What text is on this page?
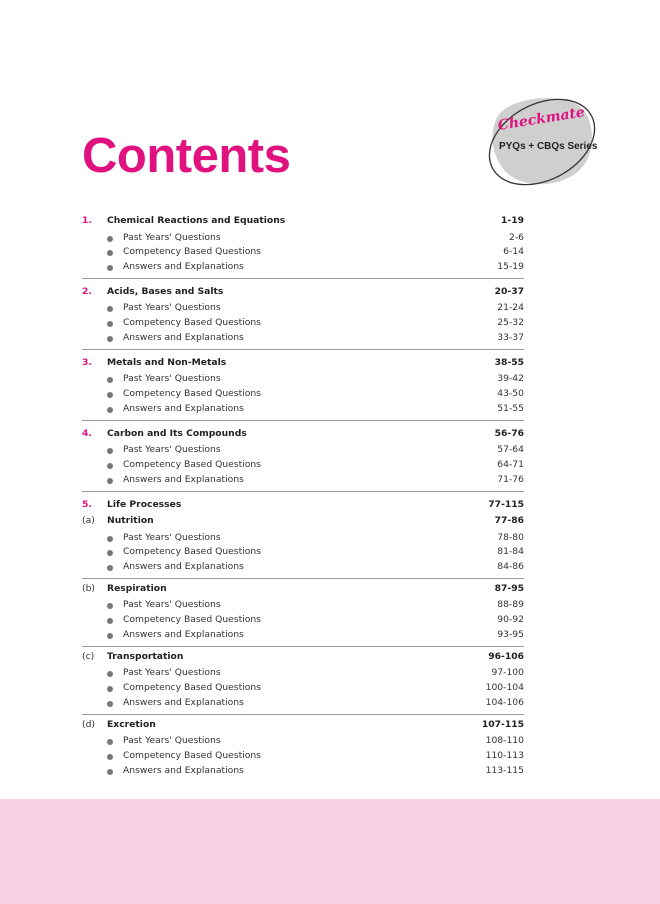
Contents
Checkmate
PYQs + CBQs Series
1. Chemical Reactions and Equations	1-19
Past Years' Questions	2-6
Competency Based Questions	6-14
Answers and Explanations	15-19
2. Acids, Bases and Salts	20-37
Past Years' Questions	21-24
Competency Based Questions	25-32
Answers and Explanations	33-37
3. Metals and Non-Metals	38-55
Past Years' Questions	39-42
Competency Based Questions	43-50
Answers and Explanations	51-55
4. Carbon and Its Compounds	56-76
Past Years' Questions	57-64
Competency Based Questions	64-71
Answers and Explanations	71-76
5. Life Processes	77-115
(a) Nutrition	77-86
Past Years' Questions	78-80
Competency Based Questions	81-84
Answers and Explanations	84-86
(b) Respiration	87-95
Past Years' Questions	88-89
Competency Based Questions	90-92
Answers and Explanations	93-95
(c) Transportation	96-106
Past Years' Questions	97-100
Competency Based Questions	100-104
Answers and Explanations	104-106
(d) Excretion	107-115
Past Years' Questions	108-110
Competency Based Questions	110-113
Answers and Explanations	113-115
